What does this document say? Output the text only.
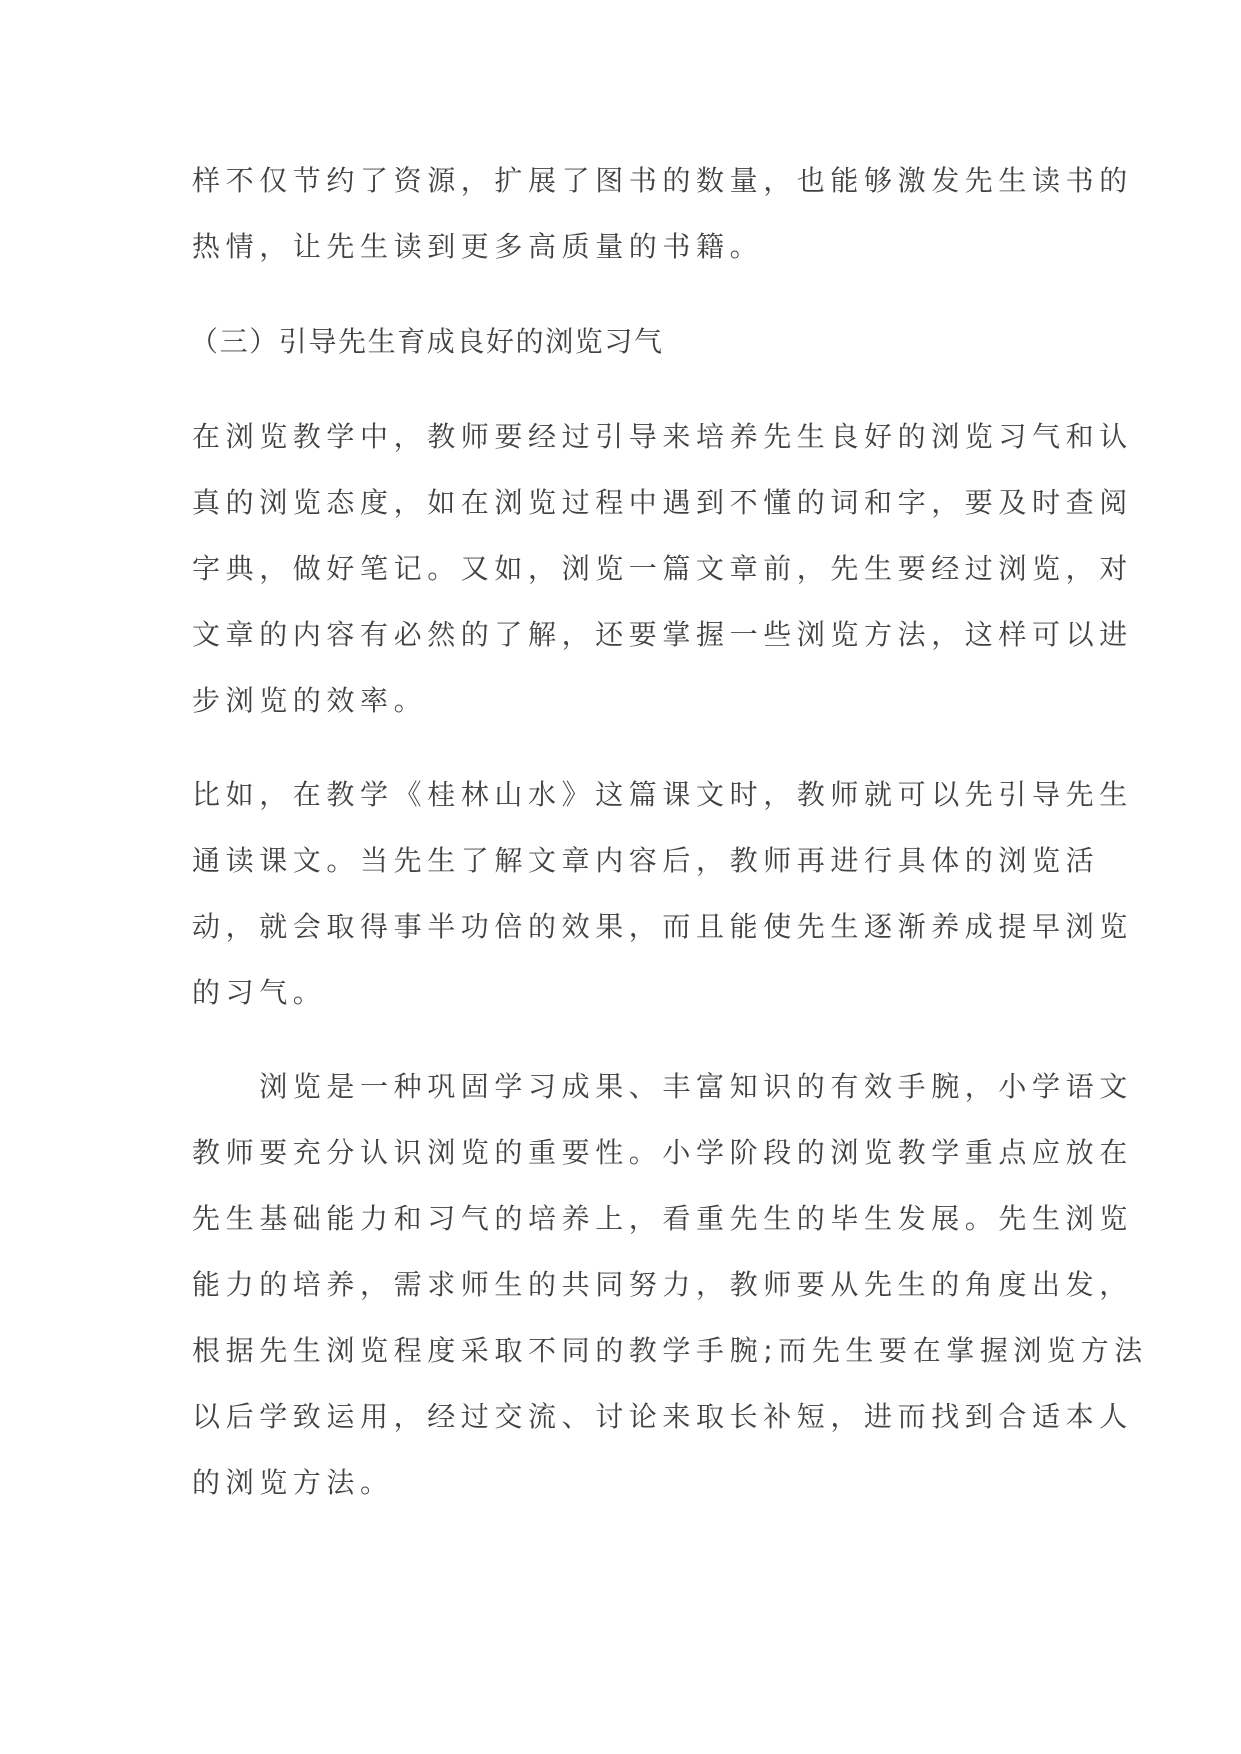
样不仅节约了资源，扩展了图书的数量，也能够激发先生读书的
热情，让先生读到更多高质量的书籍。
（三）引导先生育成良好的浏览习气
在浏览教学中，教师要经过引导来培养先生良好的浏览习气和认
真的浏览态度，如在浏览过程中遇到不懂的词和字，要及时查阅
字典，做好笔记。又如，浏览一篇文章前，先生要经过浏览，对
文章的内容有必然的了解，还要掌握一些浏览方法，这样可以进
步浏览的效率。
比如，在教学《桂林山水》这篇课文时，教师就可以先引导先生
通读课文。当先生了解文章内容后，教师再进行具体的浏览活
动，就会取得事半功倍的效果，而且能使先生逐渐养成提早浏览
的习气。
　　浏览是一种巩固学习成果、丰富知识的有效手腕，小学语文
教师要充分认识浏览的重要性。小学阶段的浏览教学重点应放在
先生基础能力和习气的培养上，看重先生的毕生发展。先生浏览
能力的培养，需求师生的共同努力，教师要从先生的角度出发，
根据先生浏览程度采取不同的教学手腕;而先生要在掌握浏览方法
以后学致运用，经过交流、讨论来取长补短，进而找到合适本人
的浏览方法。
